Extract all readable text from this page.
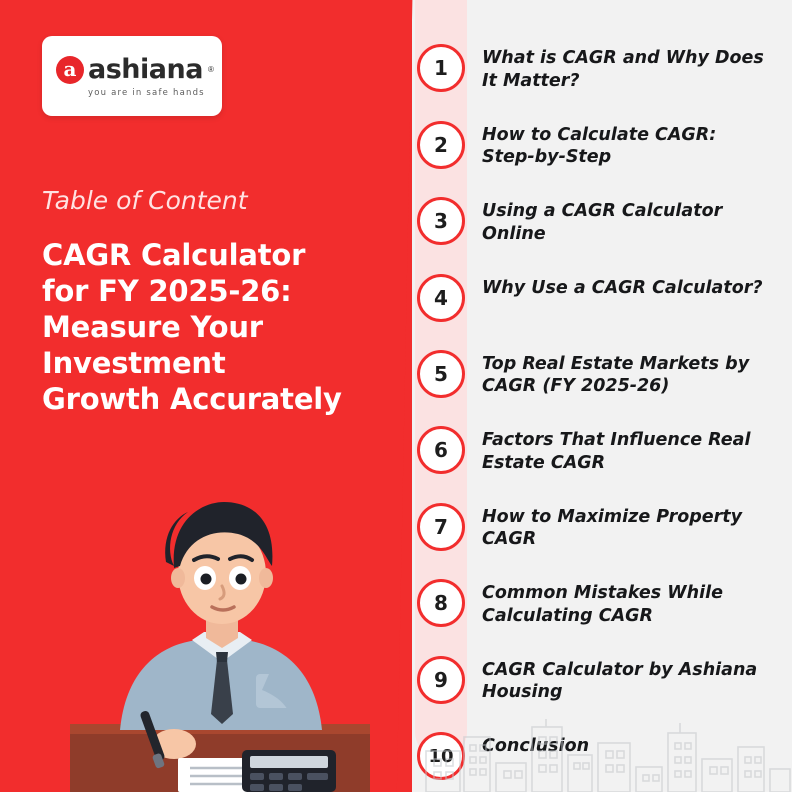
a ashiana ®
you are in safe hands
Table of Content
CAGR Calculator for FY 2025-26: Measure Your Investment Growth Accurately
1	What is CAGR and Why Does It Matter?
2	How to Calculate CAGR: Step-by-Step
3	Using a CAGR Calculator Online
4	Why Use a CAGR Calculator?
5	Top Real Estate Markets by CAGR (FY 2025-26)
6	Factors That Influence Real Estate CAGR
7	How to Maximize Property CAGR
8	Common Mistakes While Calculating CAGR
9	CAGR Calculator by Ashiana Housing
10	Conclusion
